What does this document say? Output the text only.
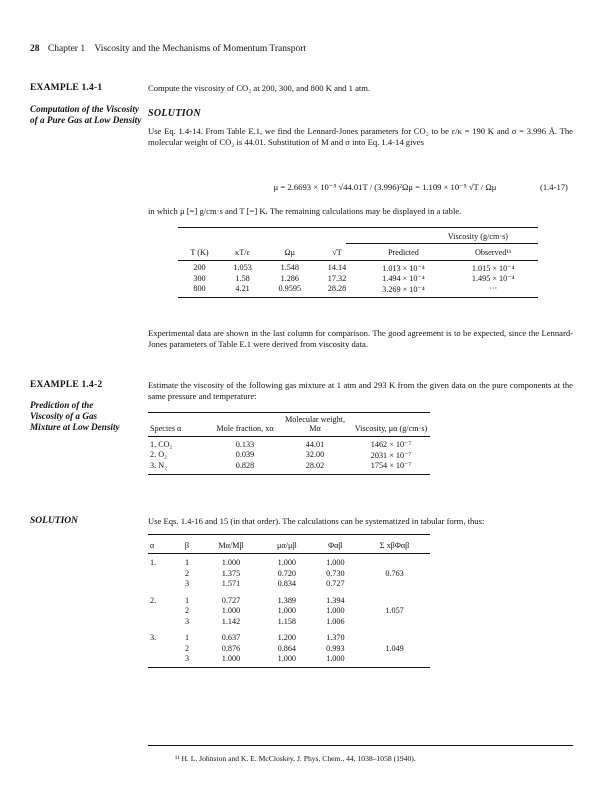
28 Chapter 1 Viscosity and the Mechanisms of Momentum Transport
EXAMPLE 1.4-1
Computation of the Viscosity of a Pure Gas at Low Density
Compute the viscosity of CO₂ at 200, 300, and 800 K and 1 atm.
SOLUTION
Use Eq. 1.4-14. From Table E.1, we find the Lennard-Jones parameters for CO₂ to be ε/κ = 190 K and σ = 3.996 Å. The molecular weight of CO₂ is 44.01. Substitution of M and σ into Eq. 1.4-14 gives
μ = 2.6693 × 10⁻⁵ √44.01T / (3.996)²Ωμ = 1.109 × 10⁻⁵ √T / Ωμ	(1.4-17)
in which μ [=] g/cm·s and T [=] K. The remaining calculations may be displayed in a table.
Viscosity (g/cm·s)
T (K)	κT/ε	Ωμ	√T	Predicted	Observed¹¹

200	1.053	1.548	14.14	1.013 × 10⁻⁴	1.015 × 10⁻⁴
300	1.58	1.286	17.32	1.494 × 10⁻⁴	1.495 × 10⁻⁴
800	4.21	0.9595	28.28	3.269 × 10⁻⁴	···
Experimental data are shown in the last column for comparison. The good agreement is to be expected, since the Lennard-Jones parameters of Table E.1 were derived from viscosity data.
EXAMPLE 1.4-2
Prediction of the Viscosity of a Gas Mixture at Low Density
Estimate the viscosity of the following gas mixture at 1 atm and 293 K from the given data on the pure components at the same pressure and temperature:
Species α	Mole fraction, xα	Molecular weight, Mα	Viscosity, μα (g/cm·s)

1. CO₂	0.133	44.01	1462 × 10⁻⁷
2. O₂	0.039	32.00	2031 × 10⁻⁷
3. N₂	0.828	28.02	1754 × 10⁻⁷
SOLUTION	Use Eqs. 1.4-16 and 15 (in that order). The calculations can be systematized in tabular form, thus:
α	β	Mα/Mβ	μα/μβ	Φαβ	Σ xβΦαβ

1.	1	1.000	1.000	1.000	
	2	1.375	0.720	0.730	0.763
	3	1.571	0.834	0.727	

2.	1	0.727	1.389	1.394	
	2	1.000	1.000	1.000	1.057
	3	1.142	1.158	1.006	

3.	1	0.637	1.200	1.370	
	2	0.876	0.864	0.993	1.049
	3	1.000	1.000	1.000	
¹¹ H. L. Johnston and K. E. McCloskey, J. Phys. Chem., 44, 1038–1058 (1940).
